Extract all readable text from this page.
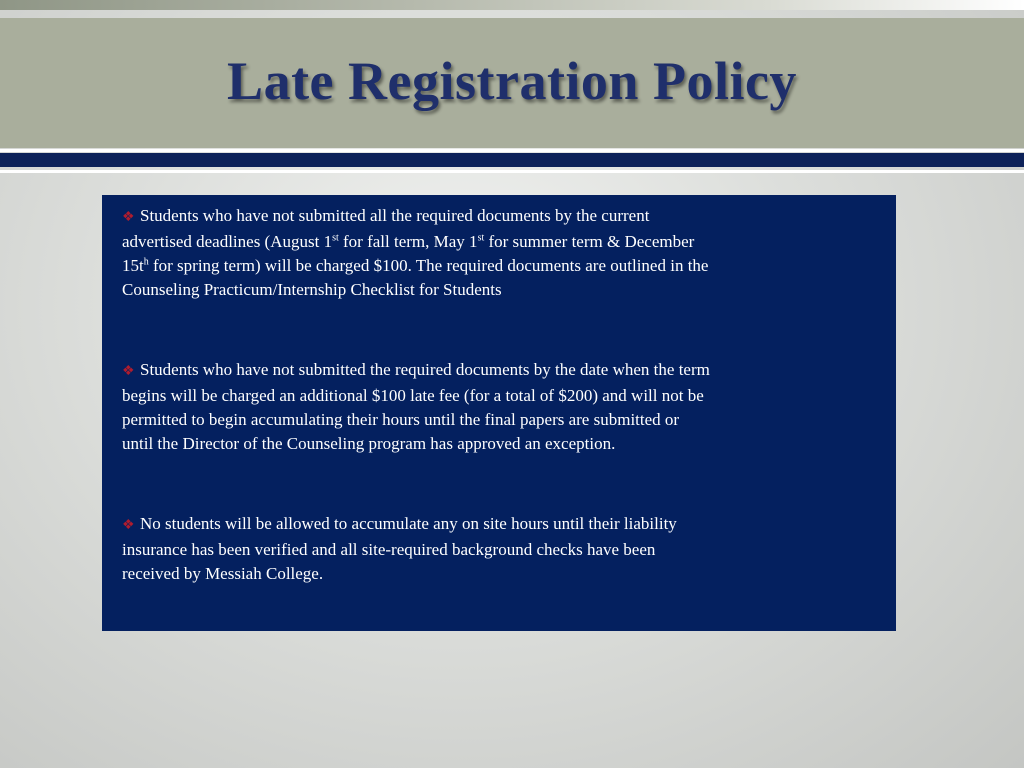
Late Registration Policy

❖ Students who have not submitted all the required documents by the current
advertised deadlines (August 1st for fall term, May 1st for summer term & December
$15t^h$ for spring term) will be charged $100. The required documents are outlined in the
Counseling Practicum/Internship Checklist for Students

❖ Students who have not submitted the required documents by the date when the term
begins will be charged an additional $100 late fee (for a total of $200) and will not be
permitted to begin accumulating their hours until the final papers are submitted or
until the Director of the Counseling program has approved an exception.

❖ No students will be allowed to accumulate any on site hours until their liability
insurance has been verified and all site-required background checks have been
received by Messiah College.
